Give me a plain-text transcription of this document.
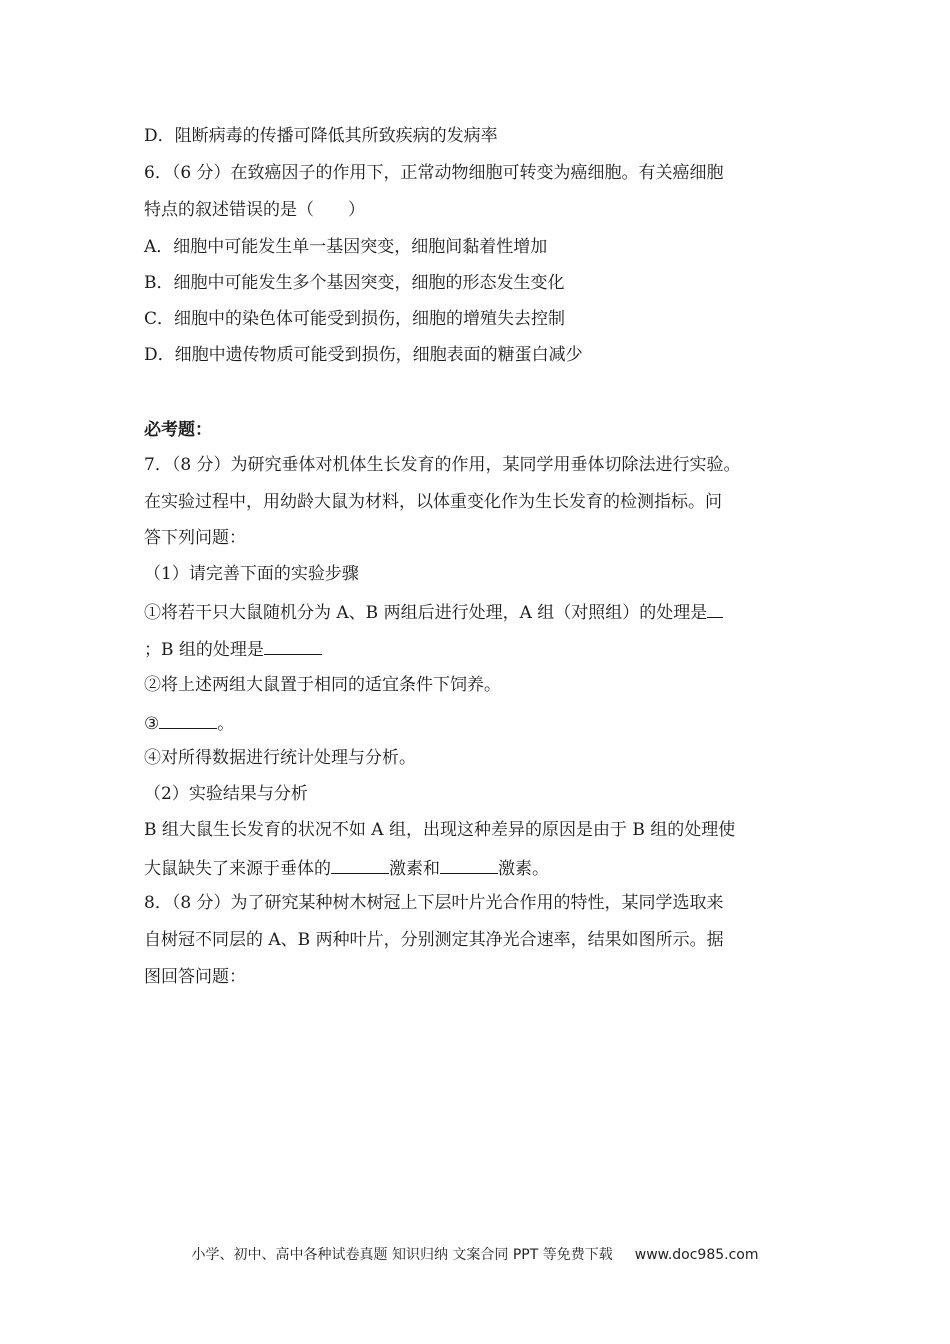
D．阻断病毒的传播可降低其所致疾病的发病率
6．（6 分）在致癌因子的作用下，正常动物细胞可转变为癌细胞。有关癌细胞
特点的叙述错误的是（　　）
A．细胞中可能发生单一基因突变，细胞间黏着性增加
B．细胞中可能发生多个基因突变，细胞的形态发生变化
C．细胞中的染色体可能受到损伤，细胞的增殖失去控制
D．细胞中遗传物质可能受到损伤，细胞表面的糖蛋白减少
必考题：
7．（8 分）为研究垂体对机体生长发育的作用，某同学用垂体切除法进行实验。
在实验过程中，用幼龄大鼠为材料，以体重变化作为生长发育的检测指标。问
答下列问题：
（1）请完善下面的实验步骤
①将若干只大鼠随机分为 A、B 两组后进行处理，A 组（对照组）的处理是
；B 组的处理是
②将上述两组大鼠置于相同的适宜条件下饲养。
③	。
④对所得数据进行统计处理与分析。
（2）实验结果与分析
B 组大鼠生长发育的状况不如 A 组，出现这种差异的原因是由于 B 组的处理使
大鼠缺失了来源于垂体的	激素和	激素。
8．（8 分）为了研究某种树木树冠上下层叶片光合作用的特性，某同学选取来
自树冠不同层的 A、B 两种叶片，分别测定其净光合速率，结果如图所示。据
图回答问题：
小学、初中、高中各种试卷真题 知识归纳 文案合同 PPT 等免费下载 www.doc985.com
